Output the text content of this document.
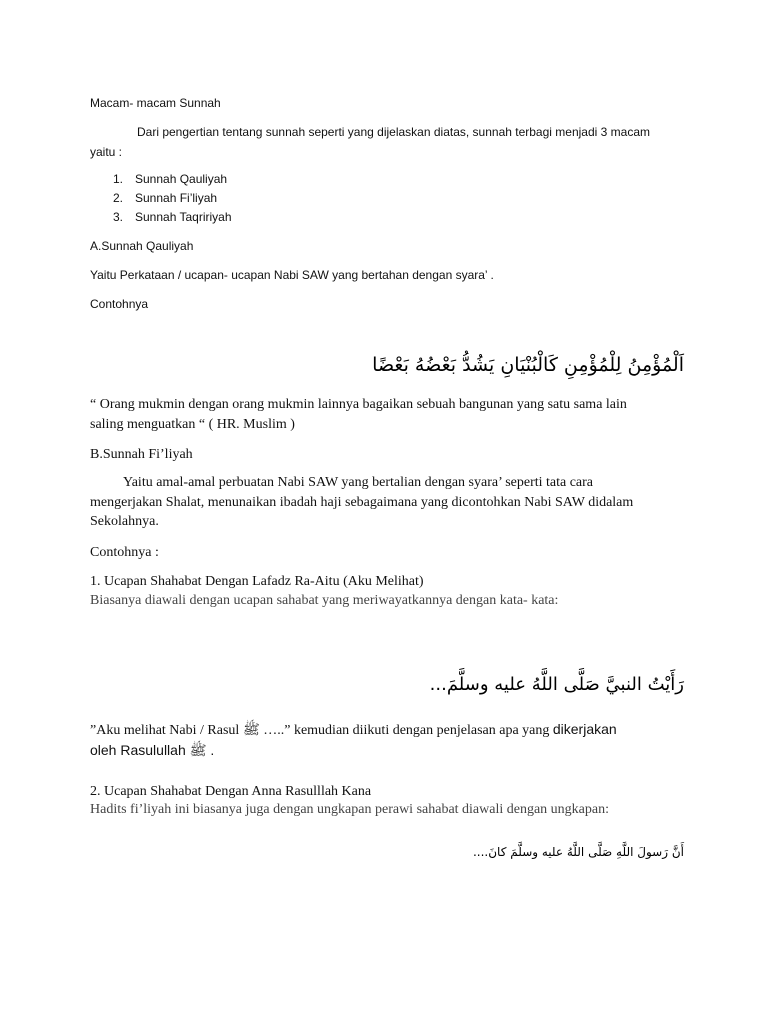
Macam- macam Sunnah

Dari pengertian tentang sunnah seperti yang dijelaskan diatas, sunnah terbagi menjadi 3 macam

yaitu :

1. Sunnah Qauliyah
2. Sunnah Fi’liyah
3. Sunnah Taqririyah

A.Sunnah Qauliyah

Yaitu Perkataan / ucapan- ucapan Nabi SAW yang bertahan dengan syara’ .

Contohnya

اَلْمُؤْمِنُ لِلْمُؤْمِنِ كَالْبُنْيَانِ يَشُدُّ بَعْضُهُ بَعْضًا

“ Orang mukmin dengan orang mukmin lainnya bagaikan sebuah bangunan yang satu sama lain

saling menguatkan “ ( HR. Muslim )

B.Sunnah Fi’liyah

Yaitu amal-amal perbuatan Nabi SAW yang bertalian dengan syara’ seperti tata cara

mengerjakan Shalat, menunaikan ibadah haji sebagaimana yang dicontohkan Nabi SAW didalam

Sekolahnya.

Contohnya :

1. Ucapan Shahabat Dengan Lafadz Ra-Aitu (Aku Melihat)

Biasanya diawali dengan ucapan sahabat yang meriwayatkannya dengan kata- kata:

رَأَيْتُ النبيَّ صَلَّى اللَّهُ عليه وسلَّمَ...

”Aku melihat Nabi / Rasul ﷺ …..” kemudian diikuti dengan penjelasan apa yang dikerjakan

oleh Rasulullah ﷺ .

2. Ucapan Shahabat Dengan Anna Rasulllah Kana

Hadits fi’liyah ini biasanya juga dengan ungkapan perawi sahabat diawali dengan ungkapan:

أَنَّ رَسولَ اللَّهِ صَلَّى اللَّهُ عليه وسلَّمَ كانَ....
